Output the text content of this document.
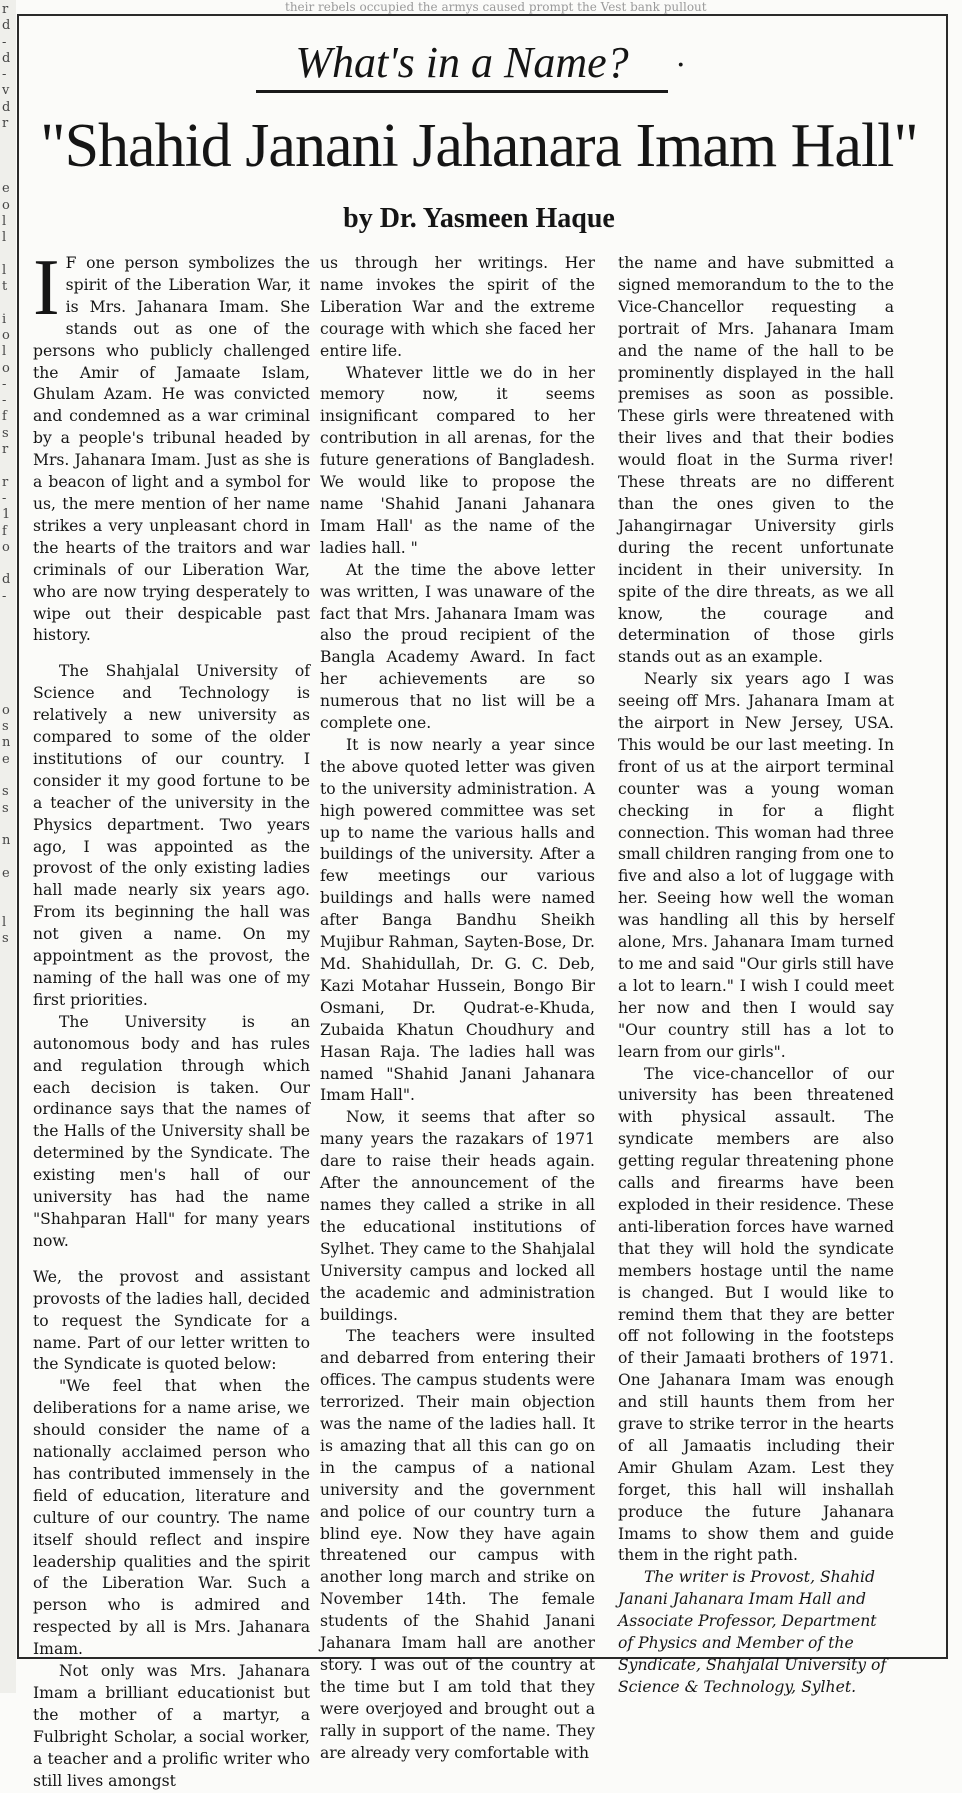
r
d
-
d
-
v
d
r
e
o
l
l
l
t
i
o
l
o
-
-
f
s
r
r
-
1
f
o
d
-
o
s
n
e
s
s
n
e
l
s
their rebels occupied the armys caused prompt the Vest bank pullout
What's in a Name?	·
"Shahid Janani Jahanara Imam Hall"
by Dr. Yasmeen Haque

I F one person symbolizes the spirit of the Liberation War, it is Mrs. Jahanara Imam. She stands out as one of the persons who publicly challenged the Amir of Jamaate Islam, Ghulam Azam. He was convicted and condemned as a war criminal by a people's tribunal headed by Mrs. Jahanara Imam. Just as she is a beacon of light and a symbol for us, the mere mention of her name strikes a very unpleasant chord in the hearts of the traitors and war criminals of our Liberation War, who are now trying desperately to wipe out their despicable past history.

The Shahjalal University of Science and Technology is relatively a new university as compared to some of the older institutions of our country. I consider it my good fortune to be a teacher of the university in the Physics department. Two years ago, I was appointed as the provost of the only existing ladies hall made nearly six years ago. From its beginning the hall was not given a name. On my appointment as the provost, the naming of the hall was one of my first priorities.

The University is an autonomous body and has rules and regulation through which each decision is taken. Our ordinance says that the names of the Halls of the University shall be determined by the Syndicate. The existing men's hall of our university has had the name "Shahparan Hall" for many years now.

We, the provost and assistant provosts of the ladies hall, decided to request the Syndicate for a name. Part of our letter written to the Syndicate is quoted below:

"We feel that when the deliberations for a name arise, we should consider the name of a nationally acclaimed person who has contributed immensely in the field of education, literature and culture of our country. The name itself should reflect and inspire leadership qualities and the spirit of the Liberation War. Such a person who is admired and respected by all is Mrs. Jahanara Imam.

Not only was Mrs. Jahanara Imam a brilliant educationist but the mother of a martyr, a Fulbright Scholar, a social worker, a teacher and a prolific writer who still lives amongst

us through her writings. Her name invokes the spirit of the Liberation War and the extreme courage with which she faced her entire life.

Whatever little we do in her memory now, it seems insignificant compared to her contribution in all arenas, for the future generations of Bangladesh. We would like to propose the name 'Shahid Janani Jahanara Imam Hall' as the name of the ladies hall. "

At the time the above letter was written, I was unaware of the fact that Mrs. Jahanara Imam was also the proud recipient of the Bangla Academy Award. In fact her achievements are so numerous that no list will be a complete one.

It is now nearly a year since the above quoted letter was given to the university administration. A high powered committee was set up to name the various halls and buildings of the university. After a few meetings our various buildings and halls were named after Banga Bandhu Sheikh Mujibur Rahman, Sayten-Bose, Dr. Md. Shahidullah, Dr. G. C. Deb, Kazi Motahar Hussein, Bongo Bir Osmani, Dr. Qudrat-e-Khuda, Zubaida Khatun Choudhury and Hasan Raja. The ladies hall was named "Shahid Janani Jahanara Imam Hall".

Now, it seems that after so many years the razakars of 1971 dare to raise their heads again. After the announcement of the names they called a strike in all the educational institutions of Sylhet. They came to the Shahjalal University campus and locked all the academic and administration buildings.

The teachers were insulted and debarred from entering their offices. The campus students were terrorized. Their main objection was the name of the ladies hall. It is amazing that all this can go on in the campus of a national university and the government and police of our country turn a blind eye. Now they have again threatened our campus with another long march and strike on November 14th. The female students of the Shahid Janani Jahanara Imam hall are another story. I was out of the country at the time but I am told that they were overjoyed and brought out a rally in support of the name. They are already very comfortable with

the name and have submitted a signed memorandum to the to the Vice-Chancellor requesting a portrait of Mrs. Jahanara Imam and the name of the hall to be prominently displayed in the hall premises as soon as possible. These girls were threatened with their lives and that their bodies would float in the Surma river! These threats are no different than the ones given to the Jahangirnagar University girls during the recent unfortunate incident in their university. In spite of the dire threats, as we all know, the courage and determination of those girls stands out as an example.

Nearly six years ago I was seeing off Mrs. Jahanara Imam at the airport in New Jersey, USA. This would be our last meeting. In front of us at the airport terminal counter was a young woman checking in for a flight connection. This woman had three small children ranging from one to five and also a lot of luggage with her. Seeing how well the woman was handling all this by herself alone, Mrs. Jahanara Imam turned to me and said "Our girls still have a lot to learn." I wish I could meet her now and then I would say "Our country still has a lot to learn from our girls".

The vice-chancellor of our university has been threatened with physical assault. The syndicate members are also getting regular threatening phone calls and firearms have been exploded in their residence. These anti-liberation forces have warned that they will hold the syndicate members hostage until the name is changed. But I would like to remind them that they are better off not following in the footsteps of their Jamaati brothers of 1971. One Jahanara Imam was enough and still haunts them from her grave to strike terror in the hearts of all Jamaatis including their Amir Ghulam Azam. Lest they forget, this hall will inshallah produce the future Jahanara Imams to show them and guide them in the right path.

The writer is Provost, Shahid Janani Jahanara Imam Hall and Associate Professor, Department of Physics and Member of the Syndicate, Shahjalal University of Science & Technology, Sylhet.
